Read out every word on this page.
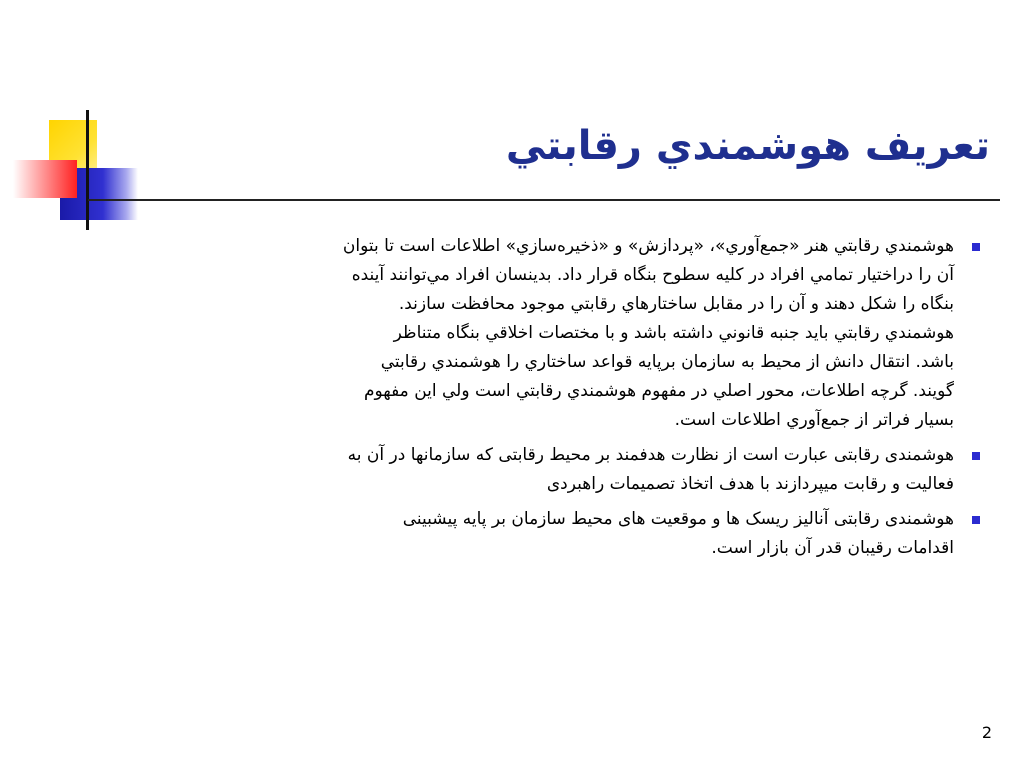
تعريف هوشمندي رقابتي
هوشمندي رقابتي هنر «جمع‌آوري»، «پردازش» و «ذخيره‌سازي» اطلاعات است تا بتوان
آن را دراختيار تمامي افراد در كليه سطوح بنگاه قرار داد. بدينسان افراد مي‌توانند آينده
بنگاه را شكل دهند و آن را در مقابل ساختارهاي رقابتي موجود محافظت سازند.
هوشمندي رقابتي بايد جنبه قانوني داشته باشد و با مختصات اخلاقي بنگاه متناظر
باشد. انتقال دانش از محيط به سازمان برپايه قواعد ساختاري را هوشمندي رقابتي
گويند. گرچه اطلاعات، محور اصلي در مفهوم هوشمندي رقابتي است ولي اين مفهوم
بسيار فراتر از جمع‌آوري اطلاعات است.
هوشمندی رقابتی عبارت است از نظارت هدفمند بر محیط رقابتی که سازمانها در آن به
فعالیت و رقابت میپردازند با هدف اتخاذ تصمیمات راهبردی
هوشمندی رقابتی آنالیز ریسک ها و موقعیت های محیط سازمان بر پایه پیشبینی
اقدامات رقیبان قدر آن بازار است.
2
